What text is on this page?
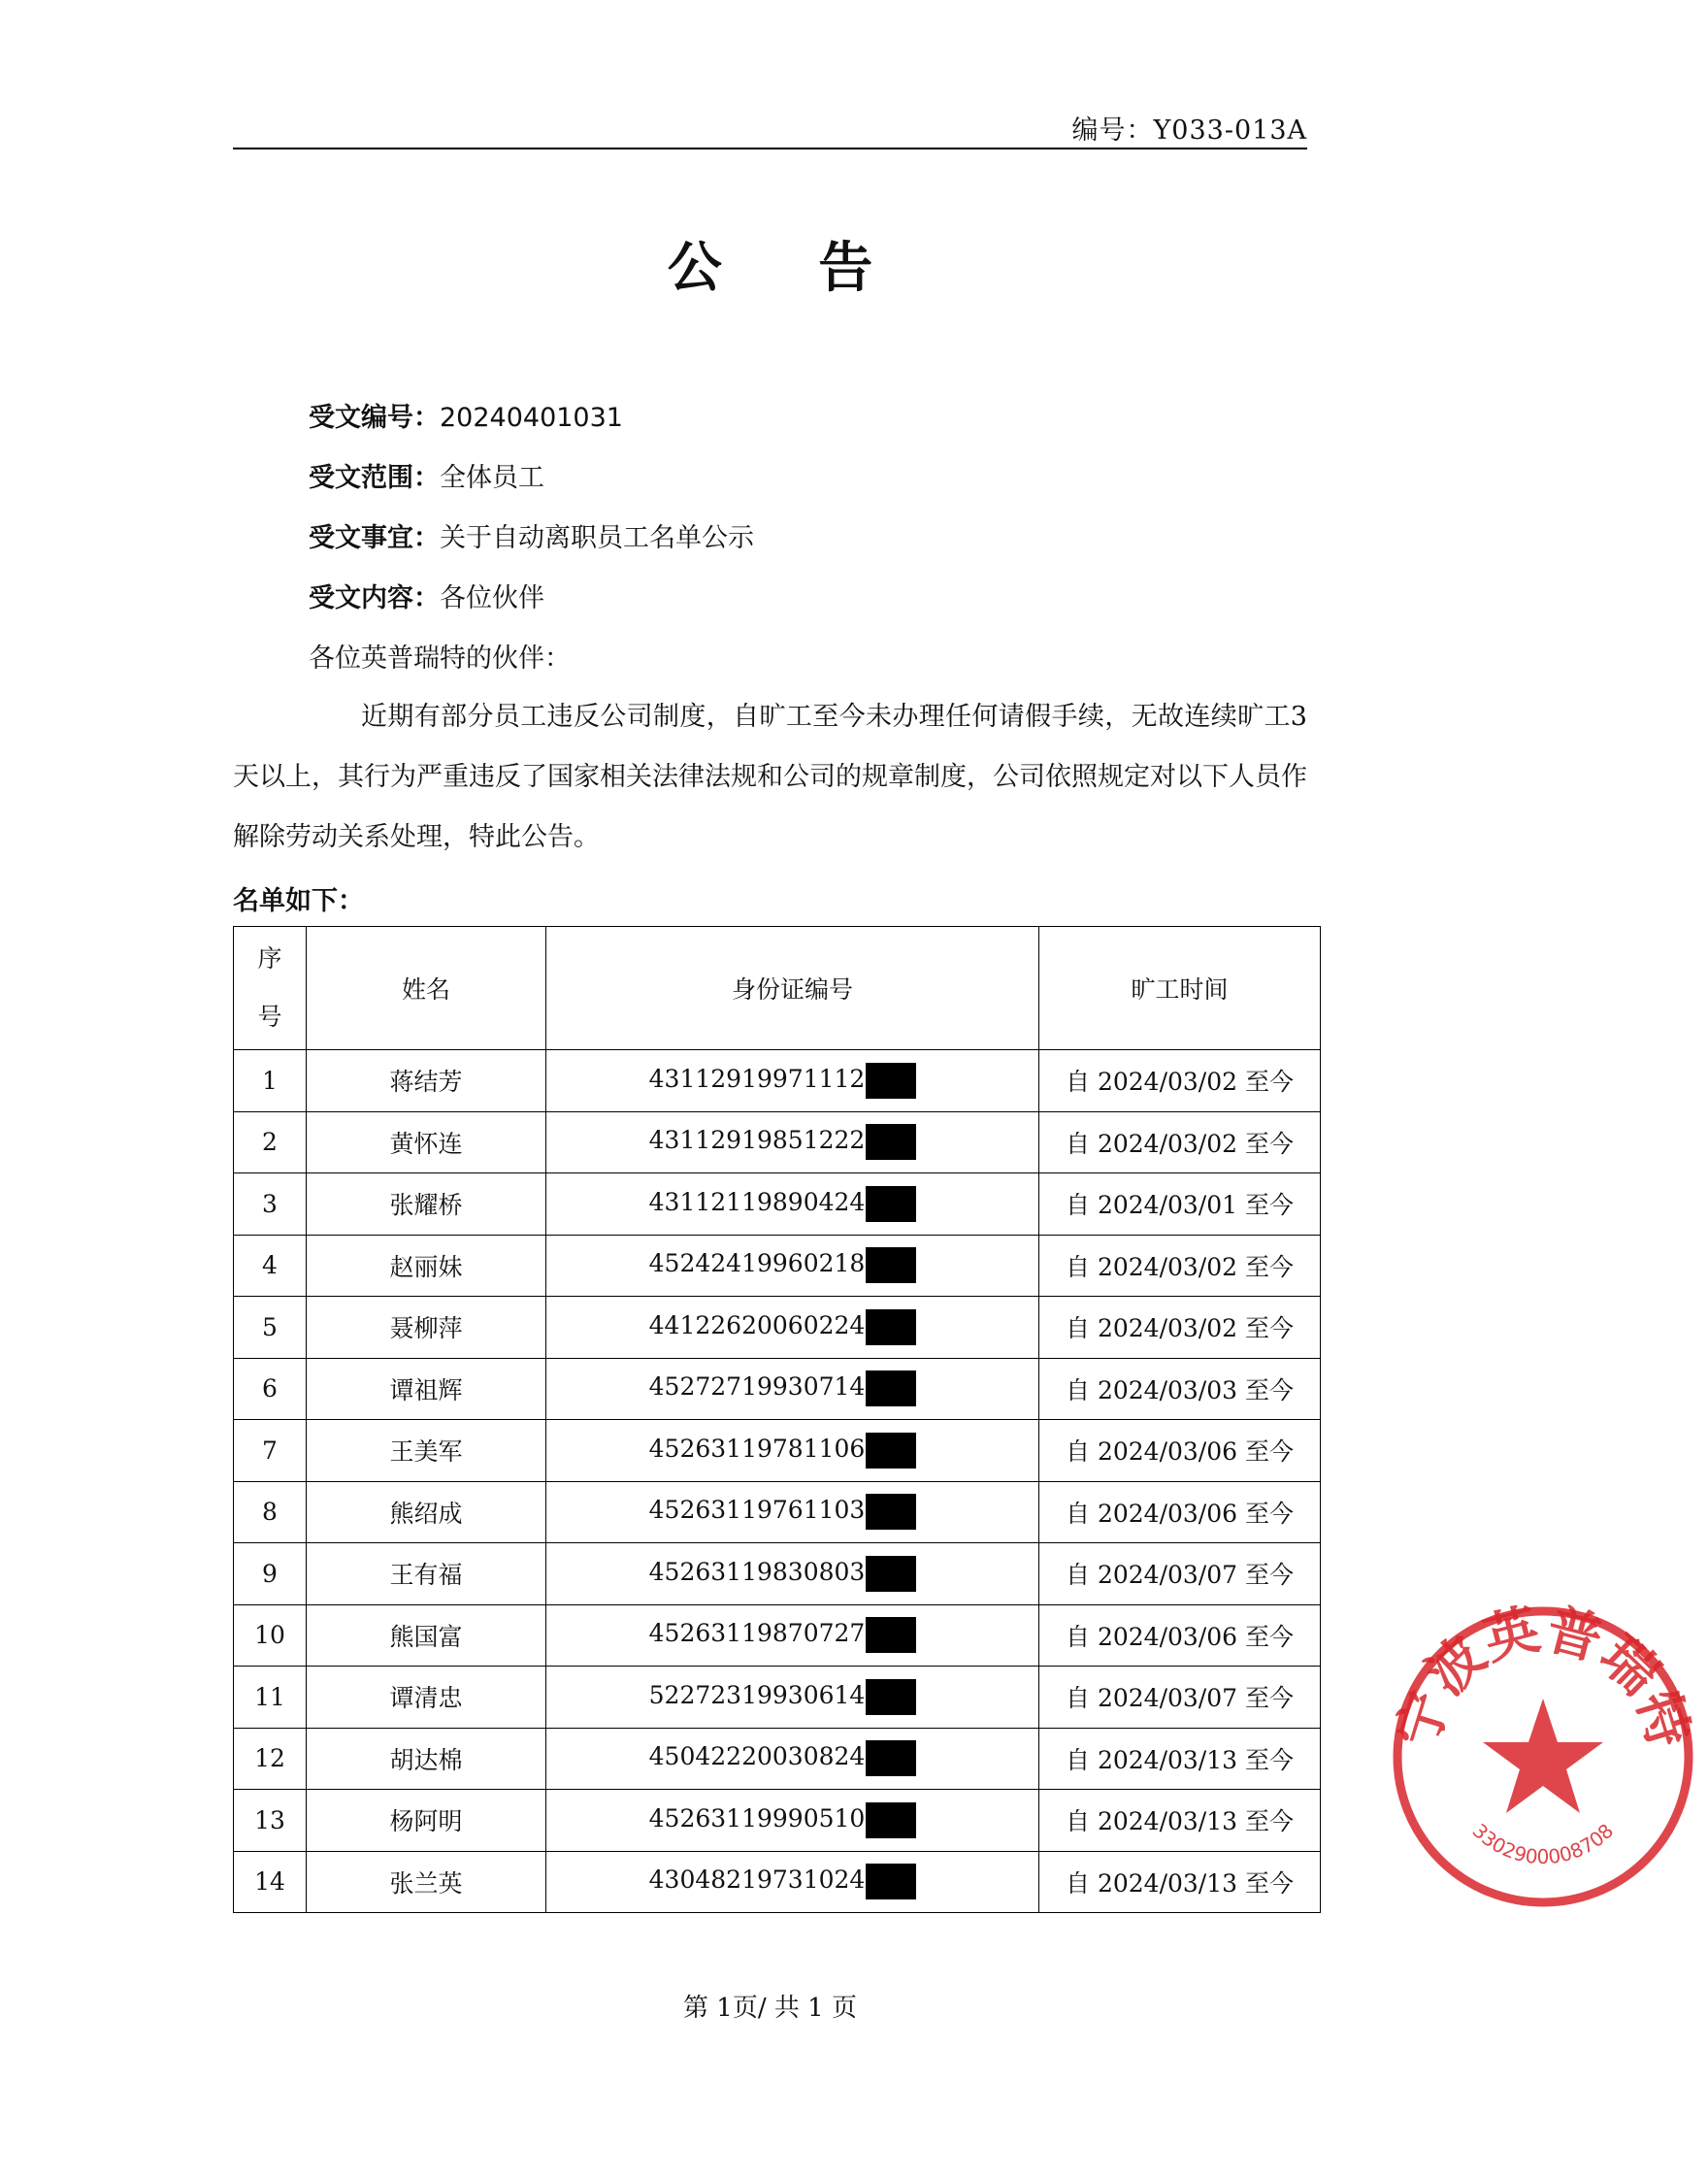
编号：Y033-013A
公 告
受文编号：20240401031
受文范围：全体员工
受文事宜：关于自动离职员工名单公示
受文内容：各位伙伴
各位英普瑞特的伙伴：

近期有部分员工违反公司制度，自旷工至今未办理任何请假手续，无故连续旷工3天以上，其行为严重违反了国家相关法律法规和公司的规章制度，公司依照规定对以下人员作解除劳动关系处理，特此公告。

名单如下：
序
号	姓名	身份证编号	旷工时间
1	蒋结芳	43112919971112	自 2024/03/02 至今
2	黄怀连	43112919851222	自 2024/03/02 至今
3	张耀桥	43112119890424	自 2024/03/01 至今
4	赵丽妹	45242419960218	自 2024/03/02 至今
5	聂柳萍	44122620060224	自 2024/03/02 至今
6	谭祖辉	45272719930714	自 2024/03/03 至今
7	王美军	45263119781106	自 2024/03/06 至今
8	熊绍成	45263119761103	自 2024/03/06 至今
9	王有福	45263119830803	自 2024/03/07 至今
10	熊国富	45263119870727	自 2024/03/06 至今
11	谭清忠	52272319930614	自 2024/03/07 至今
12	胡达棉	45042220030824	自 2024/03/13 至今
13	杨阿明	45263119990510	自 2024/03/13 至今
14	张兰英	43048219731024	自 2024/03/13 至今
第 1页/ 共 1 页
宁波英普瑞特
3302900008708
